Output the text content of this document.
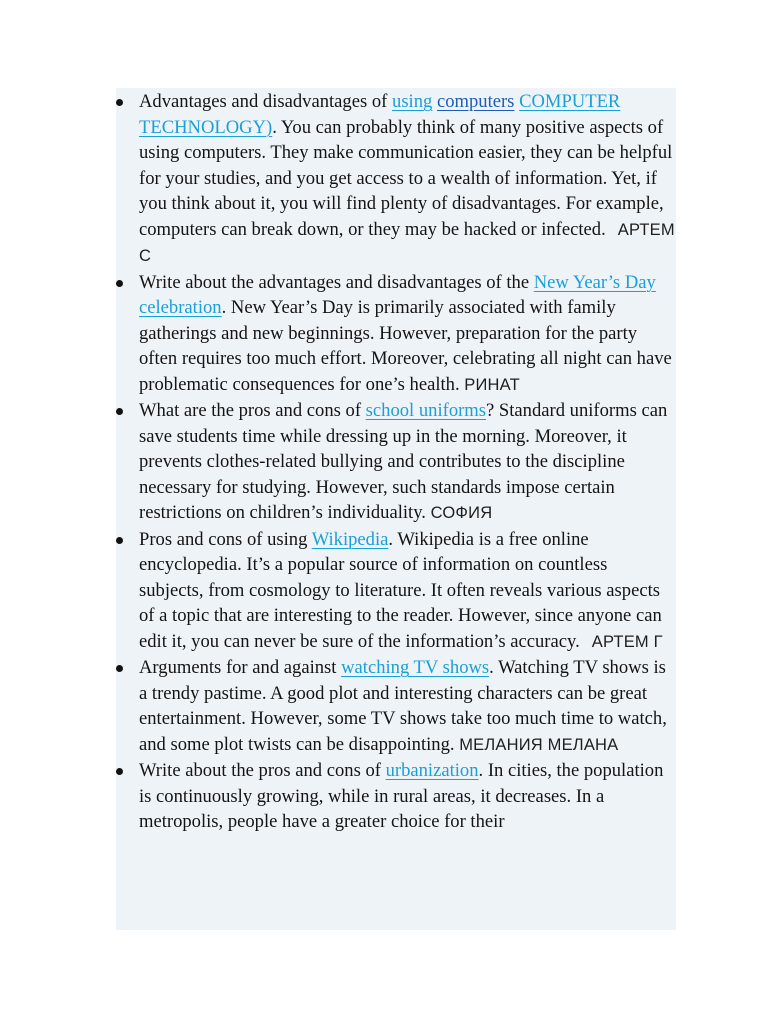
Advantages and disadvantages of using computers COMPUTER TECHNOLOGY). You can probably think of many positive aspects of using computers. They make communication easier, they can be helpful for your studies, and you get access to a wealth of information. Yet, if you think about it, you will find plenty of disadvantages. For example, computers can break down, or they may be hacked or infected. АРТЕМ С
Write about the advantages and disadvantages of the New Year’s Day celebration. New Year’s Day is primarily associated with family gatherings and new beginnings. However, preparation for the party often requires too much effort. Moreover, celebrating all night can have problematic consequences for one’s health. РИНАТ
What are the pros and cons of school uniforms? Standard uniforms can save students time while dressing up in the morning. Moreover, it prevents clothes-related bullying and contributes to the discipline necessary for studying. However, such standards impose certain restrictions on children’s individuality. СОФИЯ
Pros and cons of using Wikipedia. Wikipedia is a free online encyclopedia. It’s a popular source of information on countless subjects, from cosmology to literature. It often reveals various aspects of a topic that are interesting to the reader. However, since anyone can edit it, you can never be sure of the information’s accuracy. АРТЕМ Г
Arguments for and against watching TV shows. Watching TV shows is a trendy pastime. A good plot and interesting characters can be great entertainment. However, some TV shows take too much time to watch, and some plot twists can be disappointing. МЕЛАНИЯ МЕЛАНА
Write about the pros and cons of urbanization. In cities, the population is continuously growing, while in rural areas, it decreases. In a metropolis, people have a greater choice for their
